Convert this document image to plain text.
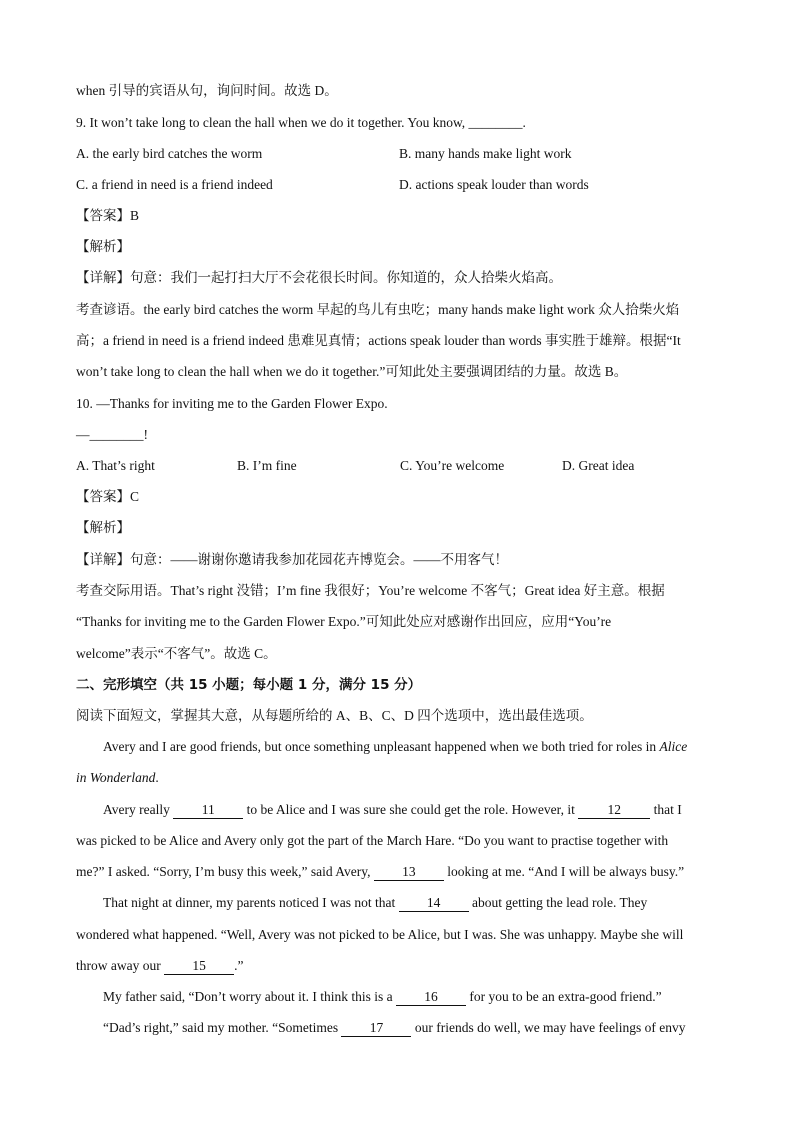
when 引导的宾语从句，询问时间。故选 D。
9. It won’t take long to clean the hall when we do it together. You know, ________.
A. the early bird catches the worm	B. many hands make light work
C. a friend in need is a friend indeed	D. actions speak louder than words
【答案】B
【解析】
【详解】句意：我们一起打扫大厅不会花很长时间。你知道的，众人拾柴火焰高。
考查谚语。the early bird catches the worm 早起的鸟儿有虫吃；many hands make light work 众人拾柴火焰
高；a friend in need is a friend indeed 患难见真情；actions speak louder than words 事实胜于雄辩。根据“It
won’t take long to clean the hall when we do it together.”可知此处主要强调团结的力量。故选 B。
10. —Thanks for inviting me to the Garden Flower Expo.
—________!
A. That’s right	B. I’m fine	C. You’re welcome	D. Great idea
【答案】C
【解析】
【详解】句意：——谢谢你邀请我参加花园花卉博览会。——不用客气！
考查交际用语。That’s right 没错；I’m fine 我很好；You’re welcome 不客气；Great idea 好主意。根据
“Thanks for inviting me to the Garden Flower Expo.”可知此处应对感谢作出回应，应用“You’re
welcome”表示“不客气”。故选 C。
二、完形填空（共 15 小题；每小题 1 分，满分 15 分）
阅读下面短文，掌握其大意，从每题所给的 A、B、C、D 四个选项中，选出最佳选项。
Avery and I are good friends, but once something unpleasant happened when we both tried for roles in Alice
in Wonderland.
Avery really 11 to be Alice and I was sure she could get the role. However, it 12 that I
was picked to be Alice and Avery only got the part of the March Hare. “Do you want to practise together with
me?” I asked. “Sorry, I’m busy this week,” said Avery, 13 looking at me. “And I will be always busy.”
That night at dinner, my parents noticed I was not that 14 about getting the lead role. They
wondered what happened. “Well, Avery was not picked to be Alice, but I was. She was unhappy. Maybe she will
throw away our 15 .”
My father said, “Don’t worry about it. I think this is a 16 for you to be an extra-good friend.”
“Dad’s right,” said my mother. “Sometimes 17 our friends do well, we may have feelings of envy
